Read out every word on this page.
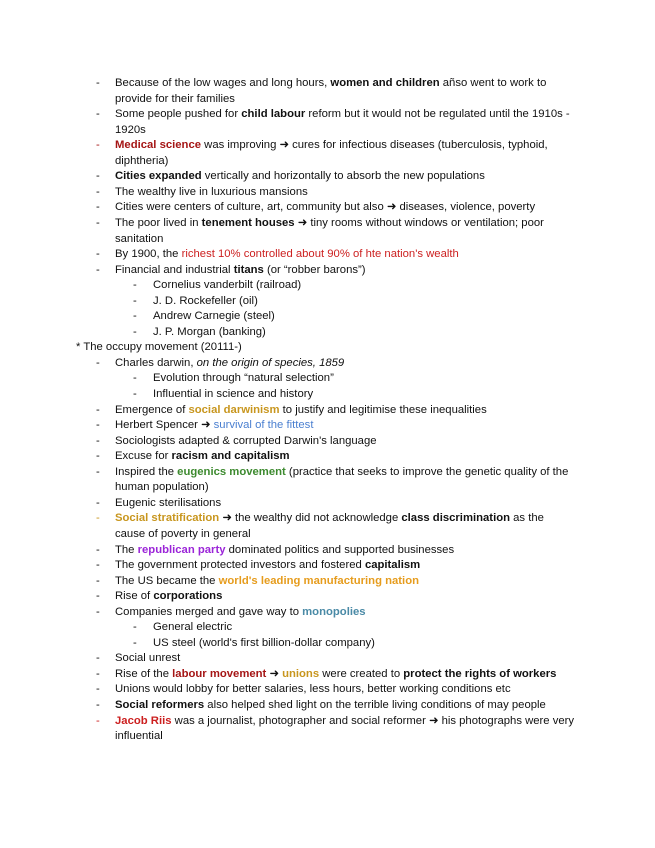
- Because of the low wages and long hours, women and children añso went to work to provide for their families
- Some people pushed for child labour reform but it would not be regulated until the 1910s - 1920s
- Medical science was improving ➜ cures for infectious diseases (tuberculosis, typhoid, diphtheria)
- Cities expanded vertically and horizontally to absorb the new populations
- The wealthy live in luxurious mansions
- Cities were centers of culture, art, community but also ➜ diseases, violence, poverty
- The poor lived in tenement houses ➜ tiny rooms without windows or ventilation; poor sanitation
- By 1900, the richest 10% controlled about 90% of hte nation's wealth
- Financial and industrial titans (or “robber barons”)
- Cornelius vanderbilt (railroad)
- J. D. Rockefeller (oil)
- Andrew Carnegie (steel)
- J. P. Morgan (banking)
* The occupy movement (20111-)
- Charles darwin, on the origin of species, 1859
- Evolution through “natural selection”
- Influential in science and history
- Emergence of social darwinism to justify and legitimise these inequalities
- Herbert Spencer ➜ survival of the fittest
- Sociologists adapted & corrupted Darwin's language
- Excuse for racism and capitalism
- Inspired the eugenics movement (practice that seeks to improve the genetic quality of the human population)
- Eugenic sterilisations
- Social stratification ➜ the wealthy did not acknowledge class discrimination as the cause of poverty in general
- The republican party dominated politics and supported businesses
- The government protected investors and fostered capitalism
- The US became the world's leading manufacturing nation
- Rise of corporations
- Companies merged and gave way to monopolies
- General electric
- US steel (world's first billion-dollar company)
- Social unrest
- Rise of the labour movement ➜ unions were created to protect the rights of workers
- Unions would lobby for better salaries, less hours, better working conditions etc
- Social reformers also helped shed light on the terrible living conditions of may people
- Jacob Riis was a journalist, photographer and social reformer ➜ his photographs were very influential
